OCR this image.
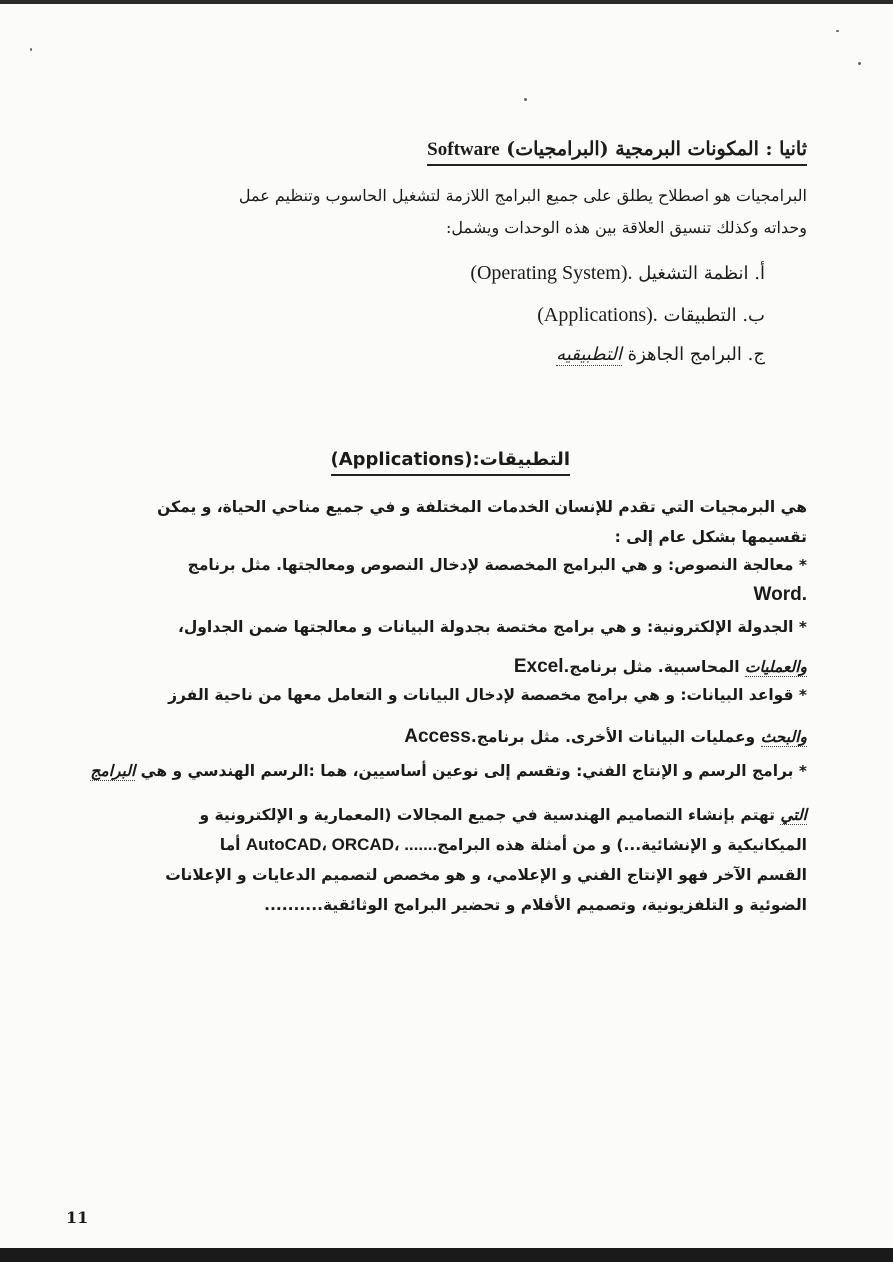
ثانيا : المكونات البرمجية (البرامجيات) Software
البرامجيات هو اصطلاح يطلق على جميع البرامج اللازمة لتشغيل الحاسوب وتنظيم عمل
وحداته وكذلك تنسيق العلاقة بين هذه الوحدات ويشمل:
أ. انظمة التشغيل (Operating System).
ب. التطبيقات (Applications).
ج. البرامج الجاهزة التطبيقيه
التطبيقات:(Applications)
هي البرمجيات التي تقدم للإنسان الخدمات المختلفة و في جميع مناحي الحياة، و يمكن
تقسيمها بشكل عام إلى :
* معالجة النصوص: و هي البرامج المخصصة لإدخال النصوص ومعالجتها. مثل برنامج
Word.
* الجدولة الإلكترونية: و هي برامج مختصة بجدولة البيانات و معالجتها ضمن الجداول،
والعمليات المحاسبية. مثل برنامج.Excel
* قواعد البيانات: و هي برامج مخصصة لإدخال البيانات و التعامل معها من ناحية الفرز
والبحث وعمليات البيانات الأخرى. مثل برنامج.Access
* برامج الرسم و الإنتاج الفني: وتقسم إلى نوعين أساسيين، هما :الرسم الهندسي و هي البرامج
التي تهتم بإنشاء التصاميم الهندسية في جميع المجالات (المعمارية و الإلكترونية و
الميكانيكية و الإنشائية...) و من أمثلة هذه البرامجAutoCAD، ORCAD، ....... أما
القسم الآخر فهو الإنتاج الفني و الإعلامي، و هو مخصص لتصميم الدعايات و الإعلانات
الضوئية و التلفزيونية، وتصميم الأفلام و تحضير البرامج الوثائقية..........
11
